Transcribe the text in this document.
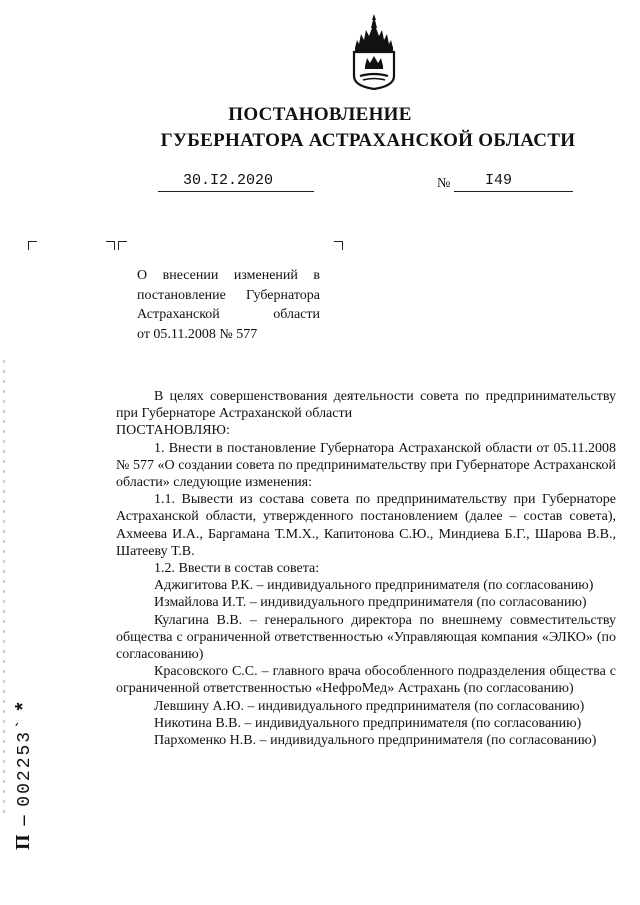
ПОСТАНОВЛЕНИЕ
ГУБЕРНАТОРА АСТРАХАНСКОЙ ОБЛАСТИ
30.I2.2020	№ I49
О внесении изменений в
постановление Губернатора
Астраханской области
от 05.11.2008 № 577

В целях совершенствования деятельности совета по предпринимательству при Губернаторе Астраханской области

ПОСТАНОВЛЯЮ:

1. Внести в постановление Губернатора Астраханской области от 05.11.2008 № 577 «О создании совета по предпринимательству при Губернаторе Астраханской области» следующие изменения:

1.1. Вывести из состава совета по предпринимательству при Губернаторе Астраханской области, утвержденного постановлением (далее – состав совета), Ахмеева И.А., Баргамана Т.М.Х., Капитонова С.Ю., Миндиева Б.Г., Шарова В.В., Шатееву Т.В.

1.2. Ввести в состав совета:

Аджигитова Р.К. – индивидуального предпринимателя (по согласованию)

Измайлова И.Т. – индивидуального предпринимателя (по согласованию)

Кулагина В.В. – генерального директора по внешнему совместительству общества с ограниченной ответственностью «Управляющая компания «ЭЛКО» (по согласованию)

Красовского С.С. – главного врача обособленного подразделения общества с ограниченной ответственностью «НефроМед» Астрахань (по согласованию)

Левшину А.Ю. – индивидуального предпринимателя (по согласованию)

Никотина В.В. – индивидуального предпринимателя (по согласованию)

Пархоменко Н.В. – индивидуального предпринимателя (по согласованию)

П – 002253` *
